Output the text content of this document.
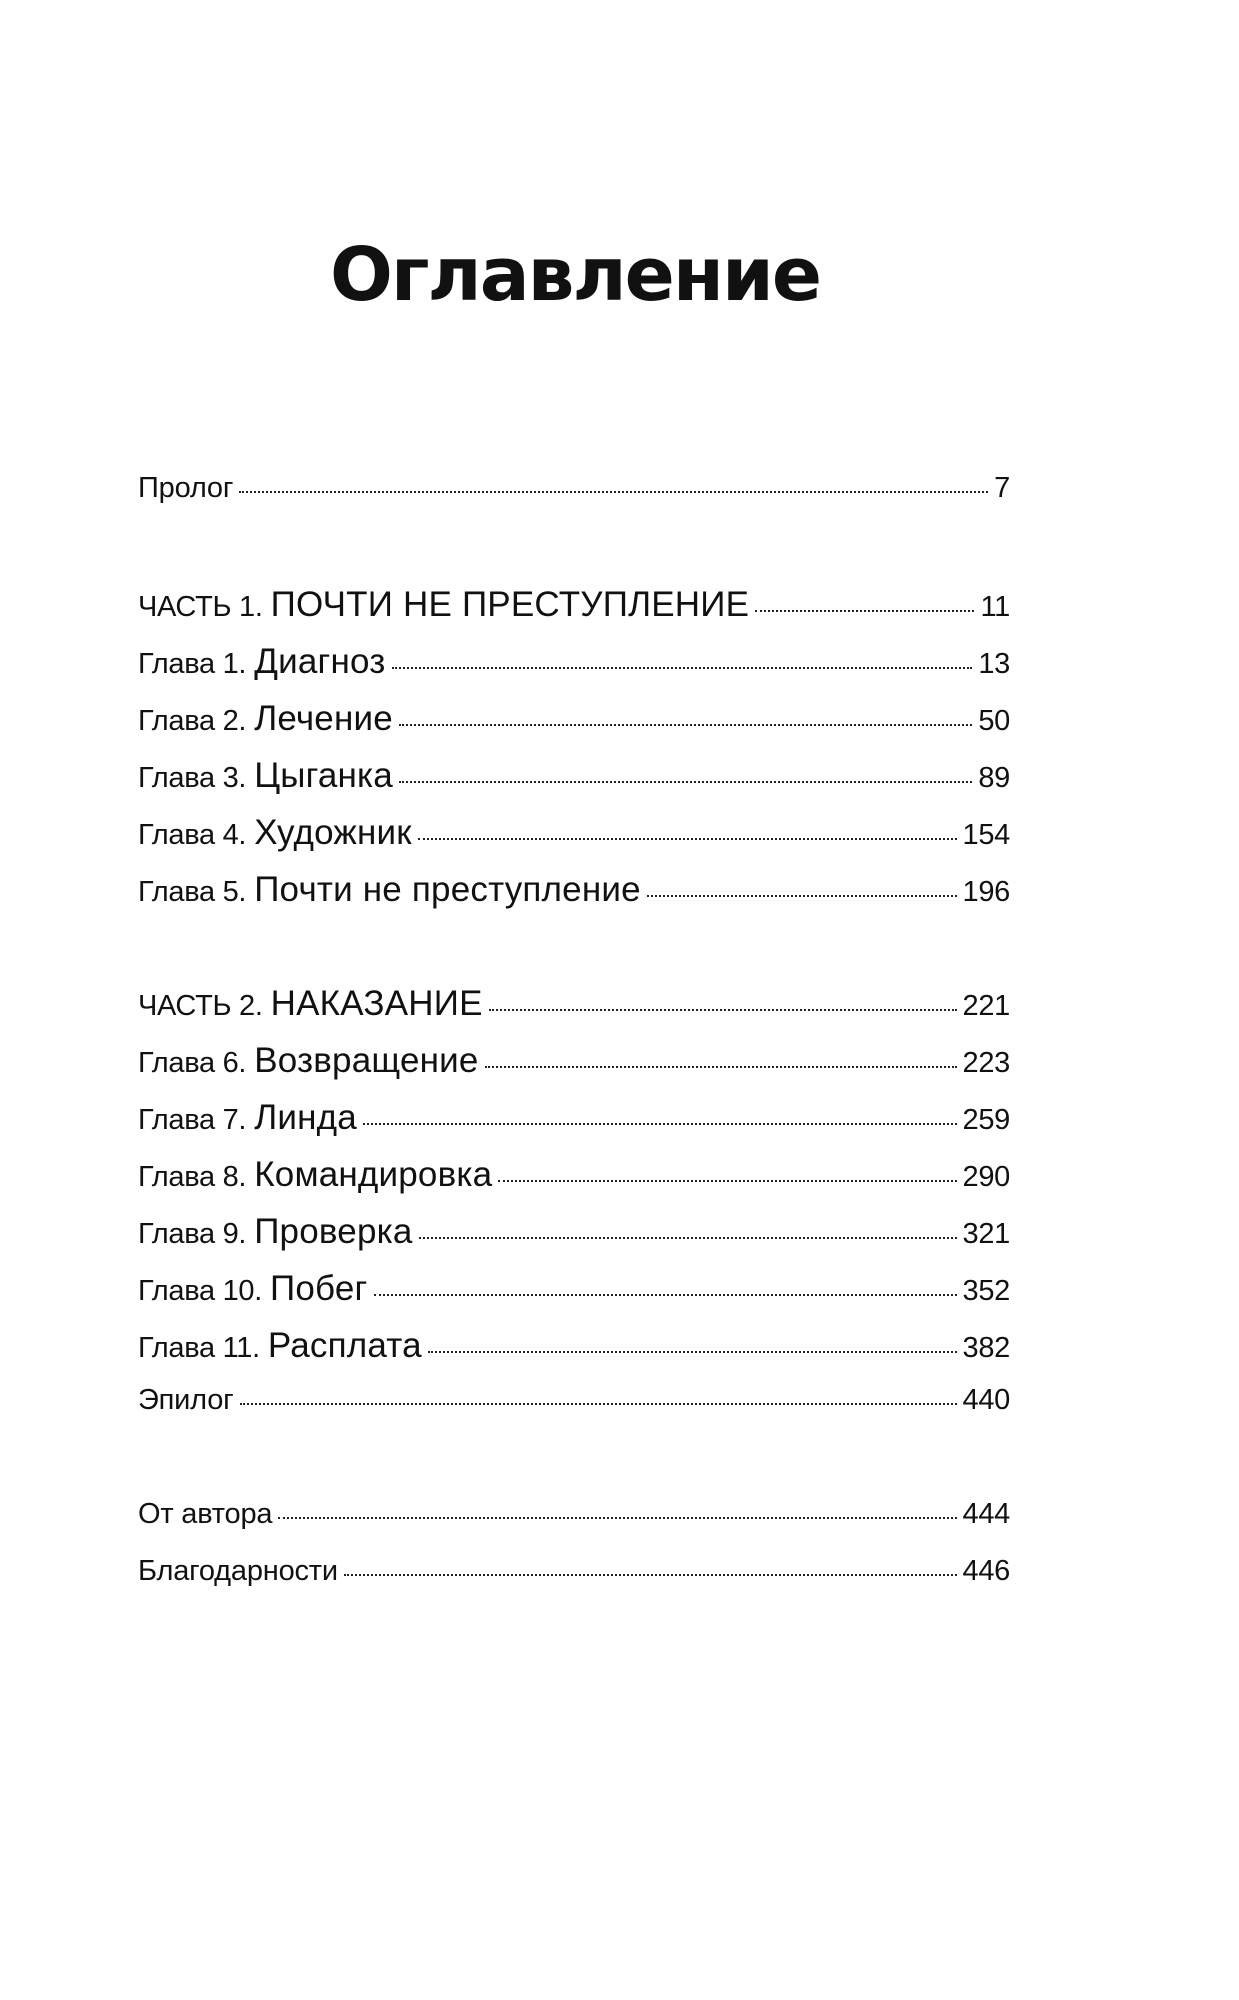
Оглавление
Пролог	7
ЧАСТЬ 1. ПОЧТИ НЕ ПРЕСТУПЛЕНИЕ	11
Глава 1. Диагноз	13
Глава 2. Лечение	50
Глава 3. Цыганка	89
Глава 4. Художник	154
Глава 5. Почти не преступление	196
ЧАСТЬ 2. НАКАЗАНИЕ	221
Глава 6. Возвращение	223
Глава 7. Линда	259
Глава 8. Командировка	290
Глава 9. Проверка	321
Глава 10. Побег	352
Глава 11. Расплата	382
Эпилог	440
От автора	444
Благодарности	446
